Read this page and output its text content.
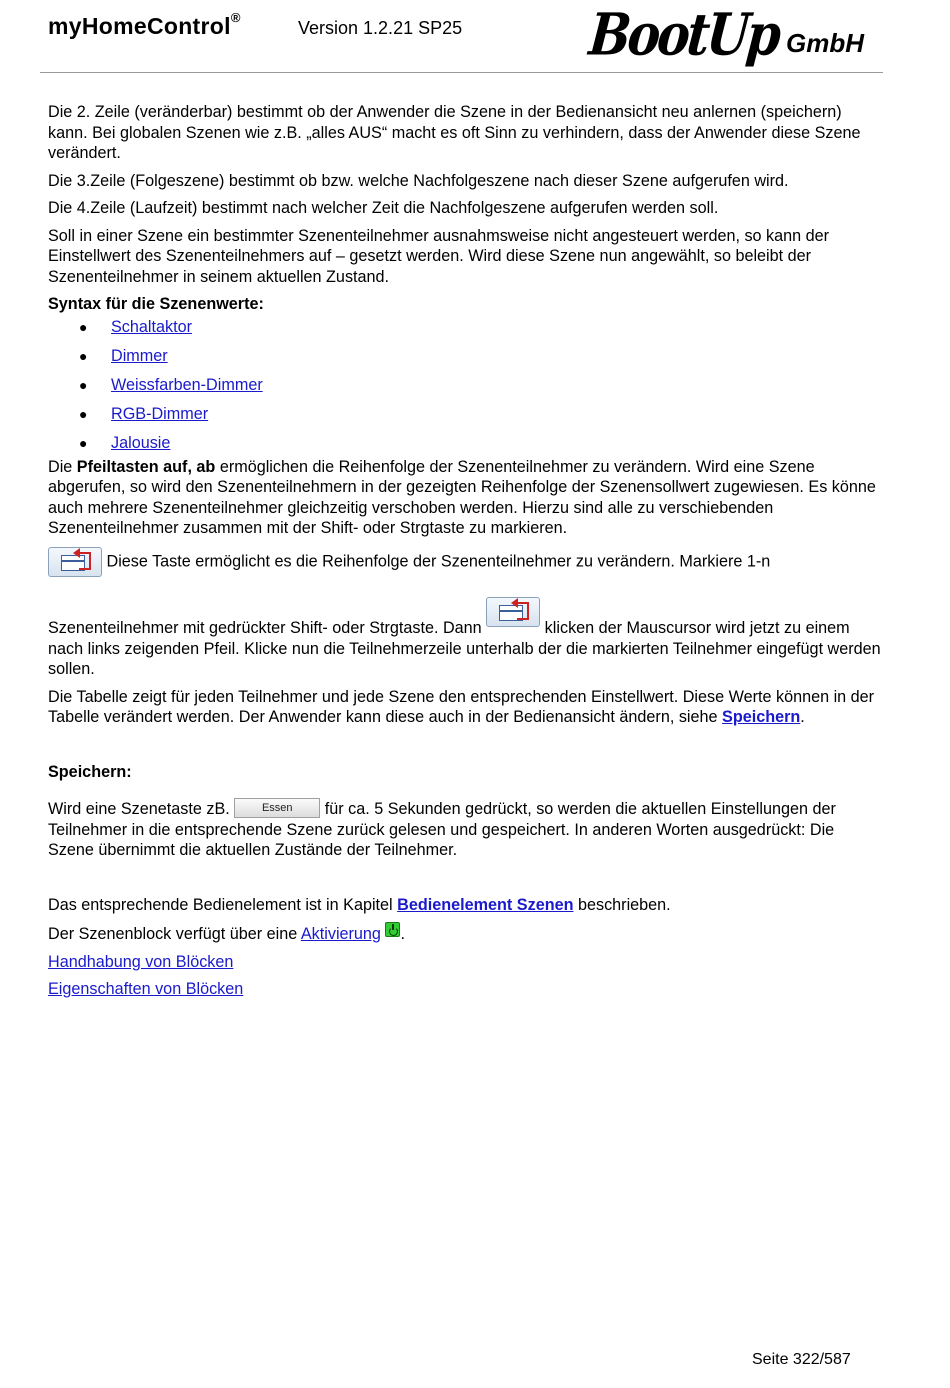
myHomeControl®
Version 1.2.21 SP25	BootUp GmbH

Die 2. Zeile (veränderbar) bestimmt ob der Anwender die Szene in der Bedienansicht neu anlernen (speichern) kann. Bei globalen Szenen wie z.B. „alles AUS“ macht es oft Sinn zu verhindern, dass der Anwender diese Szene verändert.

Die 3.Zeile (Folgeszene) bestimmt ob bzw. welche Nachfolgeszene nach dieser Szene aufgerufen wird.

Die 4.Zeile (Laufzeit) bestimmt nach welcher Zeit die Nachfolgeszene aufgerufen werden soll.

Soll in einer Szene ein bestimmter Szenenteilnehmer ausnahmsweise nicht angesteuert werden, so kann der Einstellwert des Szenenteilnehmers auf – gesetzt werden. Wird diese Szene nun angewählt, so beleibt der Szenenteilnehmer in seinem aktuellen Zustand.

Syntax für die Szenenwerte:

● Schaltaktor
● Dimmer
● Weissfarben-Dimmer
● RGB-Dimmer
● Jalousie

Die Pfeiltasten auf, ab ermöglichen die Reihenfolge der Szenenteilnehmer zu verändern. Wird eine Szene abgerufen, so wird den Szenenteilnehmern in der gezeigten Reihenfolge der Szenensollwert zugewiesen. Es könne auch mehrere Szenenteilnehmer gleichzeitig verschoben werden. Hierzu sind alle zu verschiebenden Szenenteilnehmer zusammen mit der Shift- oder Strgtaste zu markieren.

Diese Taste ermöglicht es die Reihenfolge der Szenenteilnehmer zu verändern. Markiere 1-n

Szenenteilnehmer mit gedrückter Shift- oder Strgtaste. Dann	klicken der Mauscursor wird jetzt zu einem nach links zeigenden Pfeil. Klicke nun die Teilnehmerzeile unterhalb der die markierten Teilnehmer eingefügt werden sollen.

Die Tabelle zeigt für jeden Teilnehmer und jede Szene den entsprechenden Einstellwert. Diese Werte können in der Tabelle verändert werden. Der Anwender kann diese auch in der Bedienansicht ändern, siehe Speichern.

Speichern:

Wird eine Szenetaste zB.	Essen für ca. 5 Sekunden gedrückt, so werden die aktuellen Einstellungen der Teilnehmer in die entsprechende Szene zurück gelesen und gespeichert. In anderen Worten ausgedrückt: Die Szene übernimmt die aktuellen Zustände der Teilnehmer.

Das entsprechende Bedienelement ist in Kapitel Bedienelement Szenen beschrieben.

Der Szenenblock verfügt über eine Aktivierung .

Handhabung von Blöcken

Eigenschaften von Blöcken

Seite 322/587
